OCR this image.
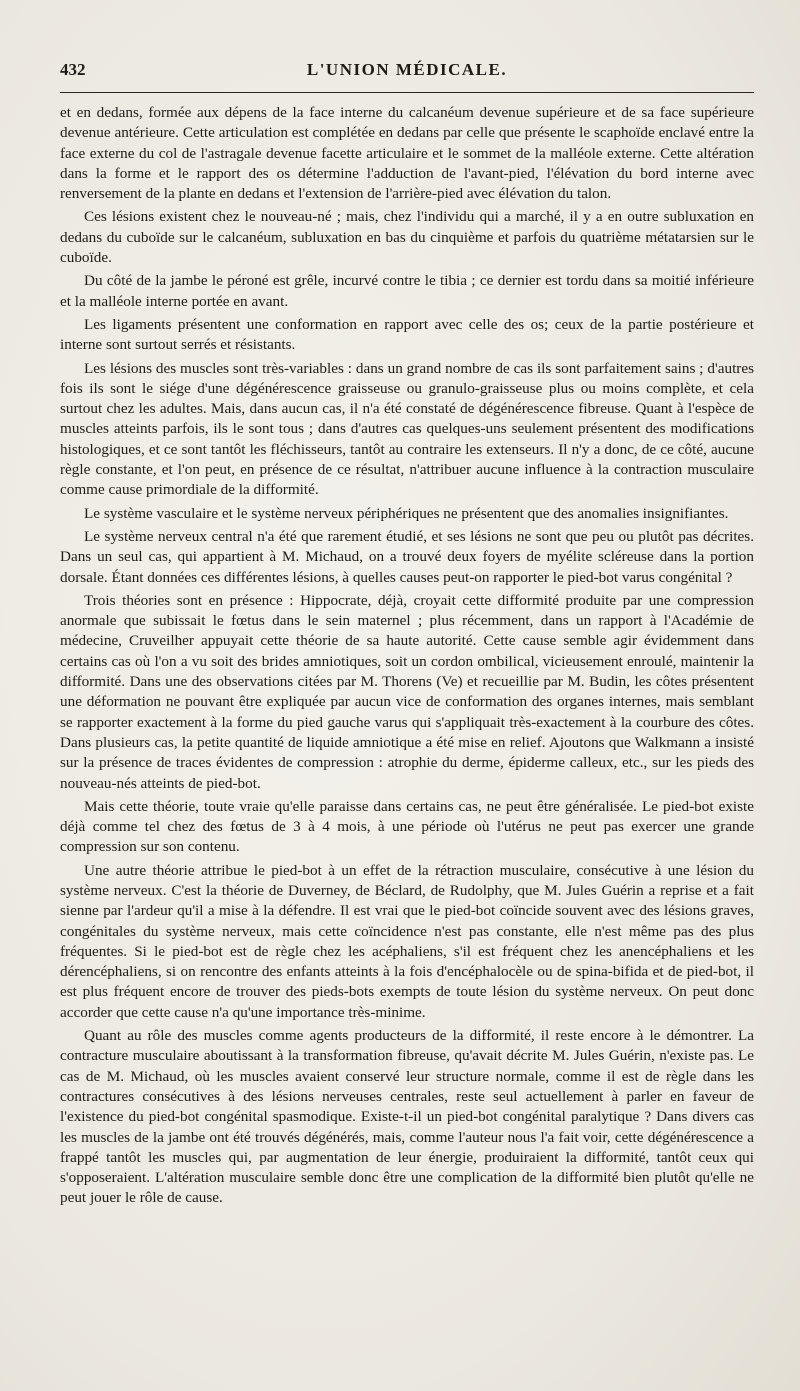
432	L'UNION MÉDICALE.

et en dedans, formée aux dépens de la face interne du calcanéum devenue supérieure et de sa face supérieure devenue antérieure. Cette articulation est complétée en dedans par celle que présente le scaphoïde enclavé entre la face externe du col de l'astragale devenue facette articulaire et le sommet de la malléole externe. Cette altération dans la forme et le rapport des os détermine l'adduction de l'avant-pied, l'élévation du bord interne avec renversement de la plante en dedans et l'extension de l'arrière-pied avec élévation du talon.

Ces lésions existent chez le nouveau-né ; mais, chez l'individu qui a marché, il y a en outre subluxation en dedans du cuboïde sur le calcanéum, subluxation en bas du cinquième et parfois du quatrième métatarsien sur le cuboïde.

Du côté de la jambe le péroné est grêle, incurvé contre le tibia ; ce dernier est tordu dans sa moitié inférieure et la malléole interne portée en avant.

Les ligaments présentent une conformation en rapport avec celle des os; ceux de la partie postérieure et interne sont surtout serrés et résistants.

Les lésions des muscles sont très-variables : dans un grand nombre de cas ils sont parfaitement sains ; d'autres fois ils sont le siége d'une dégénérescence graisseuse ou granulo-graisseuse plus ou moins complète, et cela surtout chez les adultes. Mais, dans aucun cas, il n'a été constaté de dégénérescence fibreuse. Quant à l'espèce de muscles atteints parfois, ils le sont tous ; dans d'autres cas quelques-uns seulement présentent des modifications histologiques, et ce sont tantôt les fléchisseurs, tantôt au contraire les extenseurs. Il n'y a donc, de ce côté, aucune règle constante, et l'on peut, en présence de ce résultat, n'attribuer aucune influence à la contraction musculaire comme cause primordiale de la difformité.

Le système vasculaire et le système nerveux périphériques ne présentent que des anomalies insignifiantes.

Le système nerveux central n'a été que rarement étudié, et ses lésions ne sont que peu ou plutôt pas décrites. Dans un seul cas, qui appartient à M. Michaud, on a trouvé deux foyers de myélite scléreuse dans la portion dorsale. Étant données ces différentes lésions, à quelles causes peut-on rapporter le pied-bot varus congénital ?

Trois théories sont en présence : Hippocrate, déjà, croyait cette difformité produite par une compression anormale que subissait le fœtus dans le sein maternel ; plus récemment, dans un rapport à l'Académie de médecine, Cruveilher appuyait cette théorie de sa haute autorité. Cette cause semble agir évidemment dans certains cas où l'on a vu soit des brides amniotiques, soit un cordon ombilical, vicieusement enroulé, maintenir la difformité. Dans une des observations citées par M. Thorens (Ve) et recueillie par M. Budin, les côtes présentent une déformation ne pouvant être expliquée par aucun vice de conformation des organes internes, mais semblant se rapporter exactement à la forme du pied gauche varus qui s'appliquait très-exactement à la courbure des côtes. Dans plusieurs cas, la petite quantité de liquide amniotique a été mise en relief. Ajoutons que Walkmann a insisté sur la présence de traces évidentes de compression : atrophie du derme, épiderme calleux, etc., sur les pieds des nouveau-nés atteints de pied-bot.

Mais cette théorie, toute vraie qu'elle paraisse dans certains cas, ne peut être généralisée. Le pied-bot existe déjà comme tel chez des fœtus de 3 à 4 mois, à une période où l'utérus ne peut pas exercer une grande compression sur son contenu.

Une autre théorie attribue le pied-bot à un effet de la rétraction musculaire, consécutive à une lésion du système nerveux. C'est la théorie de Duverney, de Béclard, de Rudolphy, que M. Jules Guérin a reprise et a fait sienne par l'ardeur qu'il a mise à la défendre. Il est vrai que le pied-bot coïncide souvent avec des lésions graves, congénitales du système nerveux, mais cette coïncidence n'est pas constante, elle n'est même pas des plus fréquentes. Si le pied-bot est de règle chez les acéphaliens, s'il est fréquent chez les anencéphaliens et les dérencéphaliens, si on rencontre des enfants atteints à la fois d'encéphalocèle ou de spina-bifida et de pied-bot, il est plus fréquent encore de trouver des pieds-bots exempts de toute lésion du système nerveux. On peut donc accorder que cette cause n'a qu'une importance très-minime.

Quant au rôle des muscles comme agents producteurs de la difformité, il reste encore à le démontrer. La contracture musculaire aboutissant à la transformation fibreuse, qu'avait décrite M. Jules Guérin, n'existe pas. Le cas de M. Michaud, où les muscles avaient conservé leur structure normale, comme il est de règle dans les contractures consécutives à des lésions nerveuses centrales, reste seul actuellement à parler en faveur de l'existence du pied-bot congénital spasmodique. Existe-t-il un pied-bot congénital paralytique ? Dans divers cas les muscles de la jambe ont été trouvés dégénérés, mais, comme l'auteur nous l'a fait voir, cette dégénérescence a frappé tantôt les muscles qui, par augmentation de leur énergie, produiraient la difformité, tantôt ceux qui s'opposeraient. L'altération musculaire semble donc être une complication de la difformité bien plutôt qu'elle ne peut jouer le rôle de cause.
